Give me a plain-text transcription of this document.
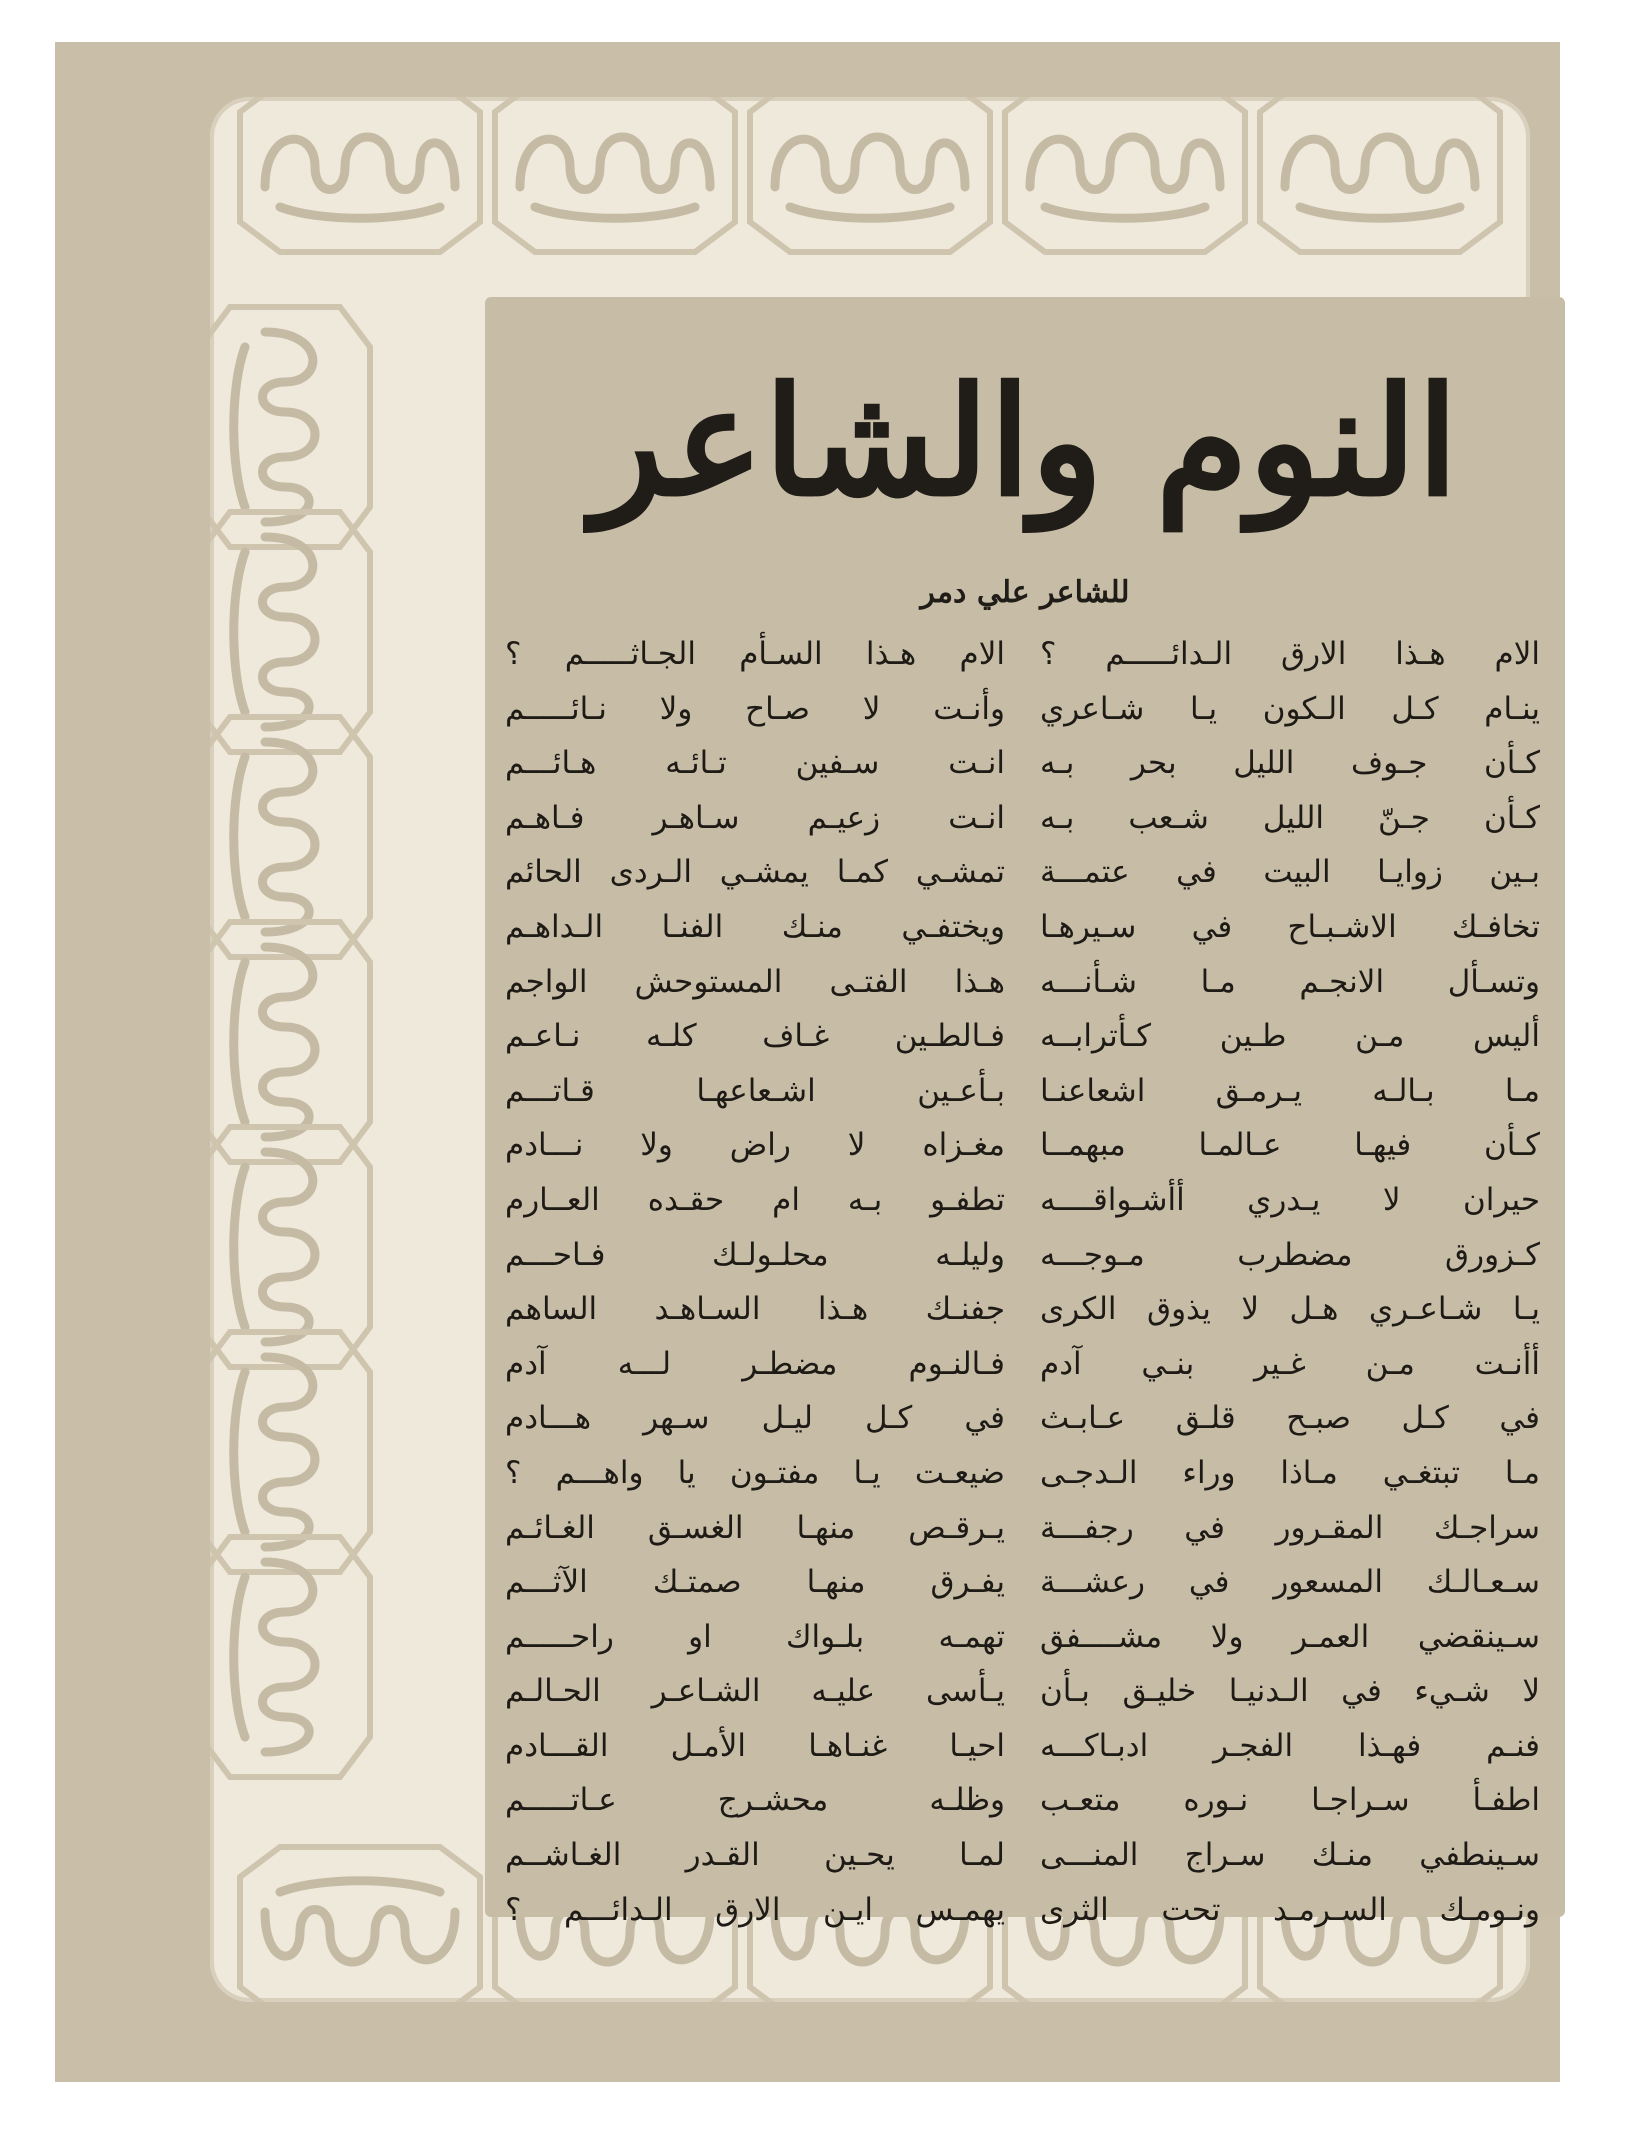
النوم والشاعر
للشاعر علي دمر
الام هـذا الارق الـدائـــــم ؟
ينـام كـل الـكون يـا شـاعري
كـأن جـوف الليل بحر بـه
كـأن جـنّ الليل شـعب بـه
بـين زوايـا البيت في عتمـــة
تخافـك الاشـبـاح في سـيرهـا
وتسـأل الانجـم مـا شـأنـــه
أليس مـن طـين كـأترابــه
مـا بـالـه يـرمـق اشعاعنـا
كـأن فيهـا عـالمـا مبهمــا
حيران لا يـدري أأشـواقــــه
كـزورق مضطرب مـوجـــه
يـا شـاعـري هـل لا يذوق الكرى
أأنـت مـن غـير بنـي آدم
في كـل صبـح قلـق عـابـث
مـا تبتغـي مـاذا وراء الـدجـى
سراجـك المقـرور في رجفـــة
سـعـالـك المسعور في رعشـــة
سـينقضي العمـر ولا مشــــفق
لا شـيء في الـدنيـا خليـق بـأن
فنـم فهـذا الفجـر ادبـاكـــه
اطفـأ سـراجـا نـوره متعـب
سـينطفي منـك سـراج المنـــى
ونـومـك السـرمـد تحت الثرى
الام هـذا السـأم الجـاثـــــم ؟
وأنـت لا صـاح ولا نـائـــــم
انـت سـفين تـائـه هـائـــم
انـت زعيـم سـاهـر فـاهـم
تمشـي كمـا يمشـي الـردى الحائم
ويختفـي منـك الفنـا الـداهـم
هـذا الفتـى المستوحش الواجم
فـالطـين غـاف كلـه نـاعـم
بـأعـين اشـعاعهـا قـاتـــم
مغـزاه لا راض ولا نـــادم
تطفـو بـه ام حقـده العــارم
وليلـه محلـولـك فـاحـــم
جفنـك هـذا السـاهـد الساهم
فـالنـوم مضطـر لـــه آدم
في كـل ليـل سـهر هـــادم
ضيعـت يـا مفتـون يا واهـــم ؟
يـرقـص منهـا الغسـق الغـائـم
يفـرق منهـا صمتـك الآثـــم
تهمـه بلـواك او راحـــــم
يـأسى عليـه الشـاعـر الحـالـم
احيـا غنـاهـا الأمـل القـــادم
وظلـه محشـرج عـاتـــــم
لمـا يحـين القـدر الغـاشــم
يهمـس ايـن الارق الـدائـــم ؟
